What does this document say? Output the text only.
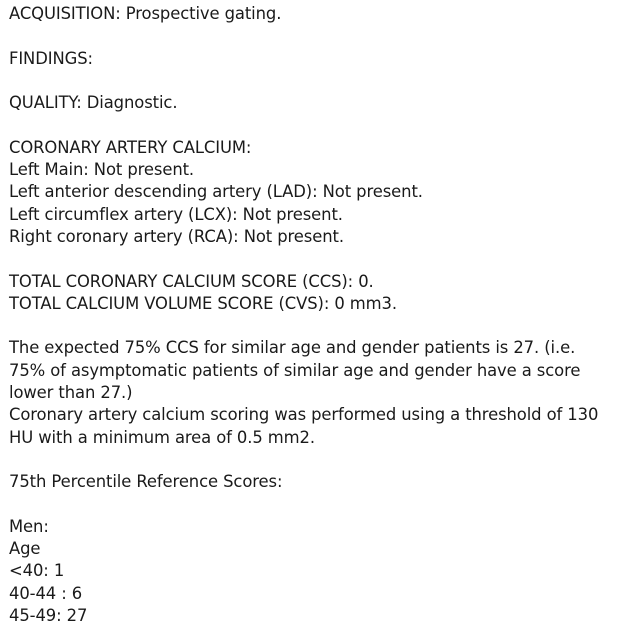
ACQUISITION: Prospective gating.
FINDINGS:
QUALITY: Diagnostic.
CORONARY ARTERY CALCIUM:
Left Main: Not present.
Left anterior descending artery (LAD): Not present.
Left circumflex artery (LCX): Not present.
Right coronary artery (RCA): Not present.
TOTAL CORONARY CALCIUM SCORE (CCS): 0.
TOTAL CALCIUM VOLUME SCORE (CVS): 0 mm3.
The expected 75% CCS for similar age and gender patients is 27. (i.e.
75% of asymptomatic patients of similar age and gender have a score
lower than 27.)
Coronary artery calcium scoring was performed using a threshold of 130
HU with a minimum area of 0.5 mm2.
75th Percentile Reference Scores:
Men:
Age
<40: 1
40-44 : 6
45-49: 27
